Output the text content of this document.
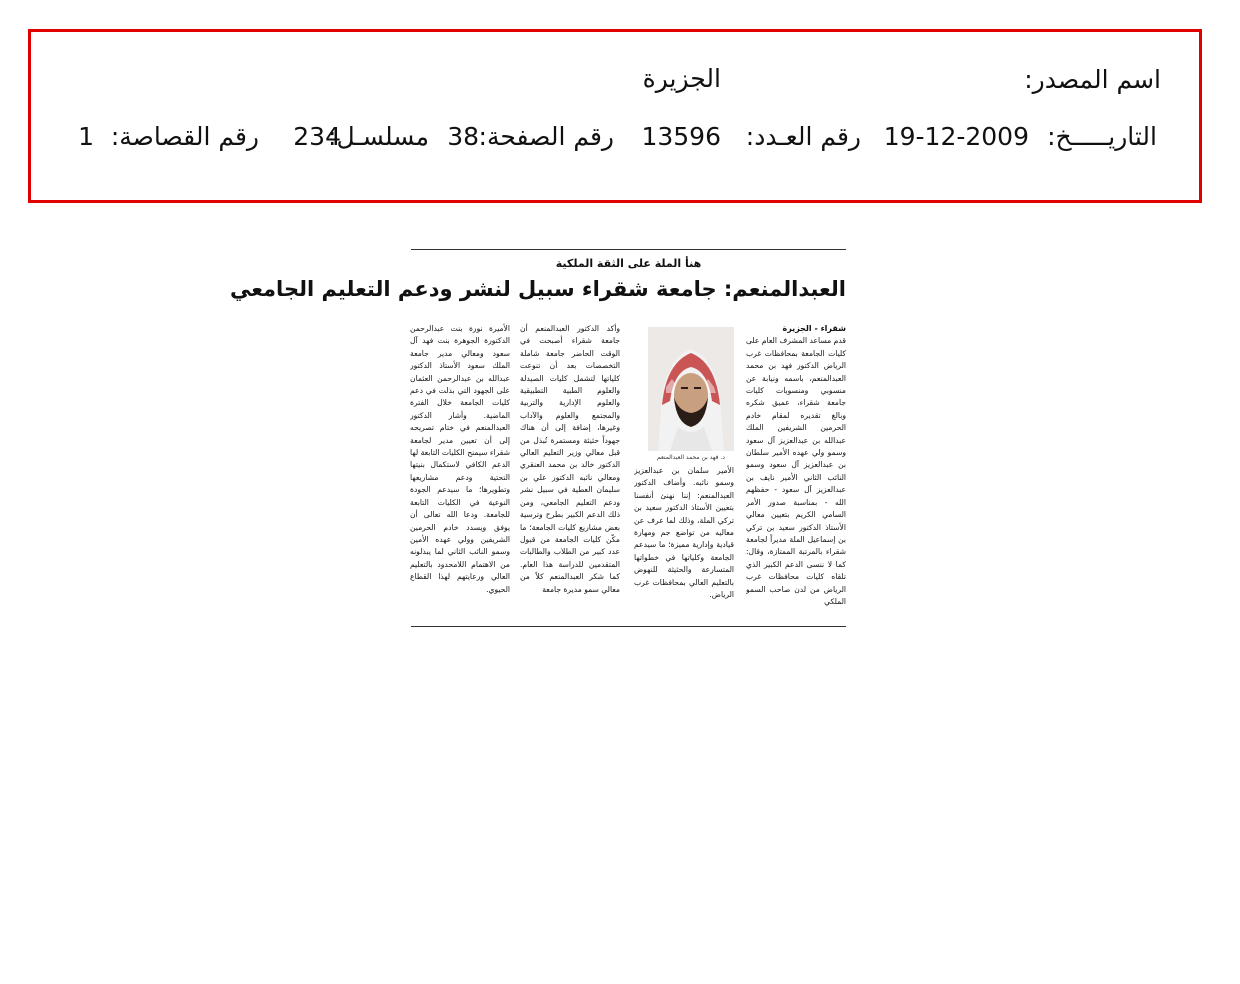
اسم المصدر:
الجزيرة
التاريـــــخ:
19-12-2009
رقم العـدد:
13596
رقم الصفحة:
38
مسلسـل:
234
رقم القصاصة:
1
هنأ الملة على الثقة الملكية
العبدالمنعم: جامعة شقراء سبيل لنشر ودعم التعليم الجامعي

شقراء - الجزيرة

قدم مساعد المشرف العام على كليات الجامعة بمحافظات غرب الرياض الدكتور فهد بن محمد العبدالمنعم، باسمه ونيابة عن منسوبي ومنسوبات كليات جامعة شقراء، عميق شكره وبالغ تقديره لمقام خادم الحرمين الشريفين الملك عبدالله بن عبدالعزيز آل سعود وسمو ولي عهده الأمير سلطان بن عبدالعزيز آل سعود وسمو النائب الثاني الأمير نايف بن عبدالعزيز آل سعود - حفظهم الله - بمناسبة صدور الأمر السامي الكريم بتعيين معالي الأستاذ الدكتور سعيد بن تركي بن إسماعيل الملة مديراً لجامعة شقراء بالمرتبة الممتازة، وقال: كما لا ننسى الدعم الكبير الذي تلقاه كليات محافظات غرب الرياض من لدن صاحب السمو الملكي

د. فهد بن محمد العبدالمنعم

الأمير سلمان بن عبدالعزيز وسمو نائبه. وأضاف الدكتور العبدالمنعم: إننا نهنئ أنفسنا بتعيين الأستاذ الدكتور سعيد بن تركي الملة، وذلك لما عرف عن معاليه من تواضع جم ومهارة قيادية وإدارية مميزة؛ ما سيدعم الجامعة وكلياتها في خطواتها المتسارعة والحثيثة للنهوض بالتعليم العالي بمحافظات غرب الرياض.

وأكد الدكتور العبدالمنعم أن جامعة شقراء أصبحت في الوقت الحاضر جامعة شاملة التخصصات بعد أن تنوعت كلياتها لتشمل كليات الصيدلة والعلوم الطبية التطبيقية والعلوم الإدارية والتربية والمجتمع والعلوم والآداب وغيرها، إضافة إلى أن هناك جهوداً حثيثة ومستمرة تُبذل من قبل معالي وزير التعليم العالي الدكتور خالد بن محمد العنقري ومعالي نائبه الدكتور علي بن سليمان العطية في سبيل نشر ودعم التعليم الجامعي، ومن ذلك الدعم الكبير بطرح وترسية بعض مشاريع كليات الجامعة؛ ما مكّن كليات الجامعة من قبول عدد كبير من الطلاب والطالبات المتقدمين للدراسة هذا العام. كما شكر العبدالمنعم كلاً من معالي سمو مديرة جامعة

الأميرة نورة بنت عبدالرحمن الدكتورة الجوهرة بنت فهد آل سعود ومعالي مدير جامعة الملك سعود الأستاذ الدكتور عبدالله بن عبدالرحمن العثمان على الجهود التي بذلت في دعم كليات الجامعة خلال الفترة الماضية. وأشار الدكتور العبدالمنعم في ختام تصريحه إلى أن تعيين مدير لجامعة شقراء سيمنح الكليات التابعة لها الدعم الكافي لاستكمال بنيتها التحتية ودعم مشاريعها وتطويرها؛ ما سيدعم الجودة النوعية في الكليات التابعة للجامعة. ودعا الله تعالى أن يوفق ويسدد خادم الحرمين الشريفين وولي عهده الأمين وسمو النائب الثاني لما يبذلونه من الاهتمام اللامحدود بالتعليم العالي ورعايتهم لهذا القطاع الحيوي.
